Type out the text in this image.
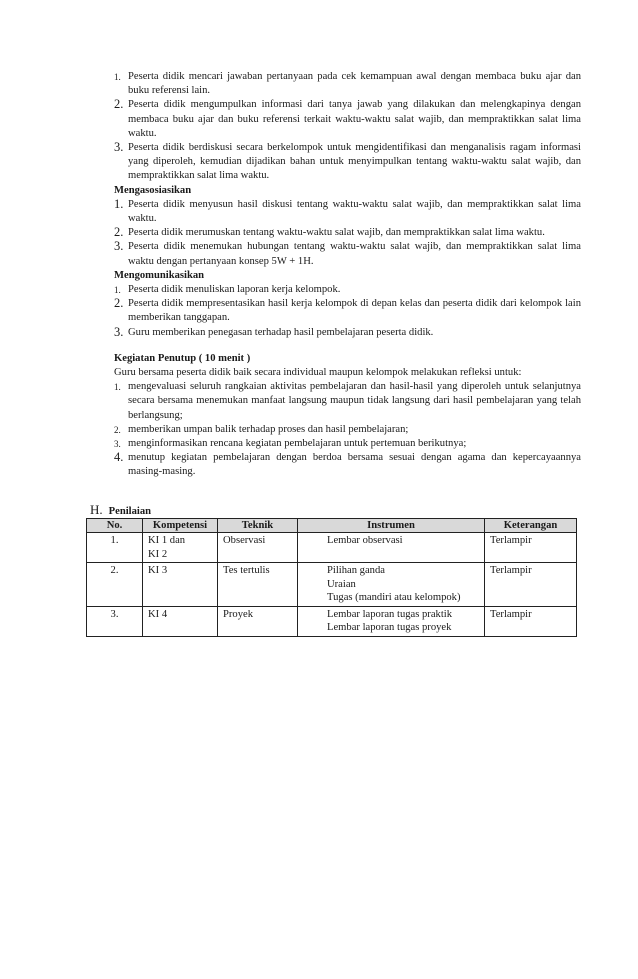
1. Peserta didik mencari jawaban pertanyaan pada cek kemampuan awal dengan membaca buku ajar dan buku referensi lain.
2. Peserta didik mengumpulkan informasi dari tanya jawab yang dilakukan dan melengkapinya dengan membaca buku ajar dan buku referensi terkait waktu-waktu salat wajib, dan mempraktikkan salat lima waktu.
3. Peserta didik berdiskusi secara berkelompok untuk mengidentifikasi dan menganalisis ragam informasi yang diperoleh, kemudian dijadikan bahan untuk menyimpulkan tentang waktu-waktu salat wajib, dan mempraktikkan salat lima waktu.
Mengasosiasikan
1. Peserta didik menyusun hasil diskusi tentang waktu-waktu salat wajib, dan mempraktikkan salat lima waktu.
2. Peserta didik merumuskan tentang waktu-waktu salat wajib, dan mempraktikkan salat lima waktu.
3. Peserta didik menemukan hubungan tentang waktu-waktu salat wajib, dan mempraktikkan salat lima waktu dengan pertanyaan konsep 5W + 1H.
Mengomunikasikan
1. Peserta didik menuliskan laporan kerja kelompok.
2. Peserta didik mempresentasikan hasil kerja kelompok di depan kelas dan peserta didik dari kelompok lain memberikan tanggapan.
3. Guru memberikan penegasan terhadap hasil pembelajaran peserta didik.
Kegiatan Penutup ( 10 menit )

Guru bersama peserta didik baik secara individual maupun kelompok melakukan refleksi untuk:

1. mengevaluasi seluruh rangkaian aktivitas pembelajaran dan hasil-hasil yang diperoleh untuk selanjutnya secara bersama menemukan manfaat langsung maupun tidak langsung dari hasil pembelajaran yang telah berlangsung;
2. memberikan umpan balik terhadap proses dan hasil pembelajaran;
3. menginformasikan rencana kegiatan pembelajaran untuk pertemuan berikutnya;
4. menutup kegiatan pembelajaran dengan berdoa bersama sesuai dengan agama dan kepercayaannya masing-masing.
H. Penilaian
No.	Kompetensi	Teknik	Instrumen	Keterangan
1.	KI 1 dan
KI 2	Observasi	Lembar observasi	Terlampir
2.	KI 3	Tes tertulis	Pilihan ganda
Uraian
Tugas (mandiri atau kelompok)	Terlampir
3.	KI 4	Proyek	Lembar laporan tugas praktik
Lembar laporan tugas proyek	Terlampir
